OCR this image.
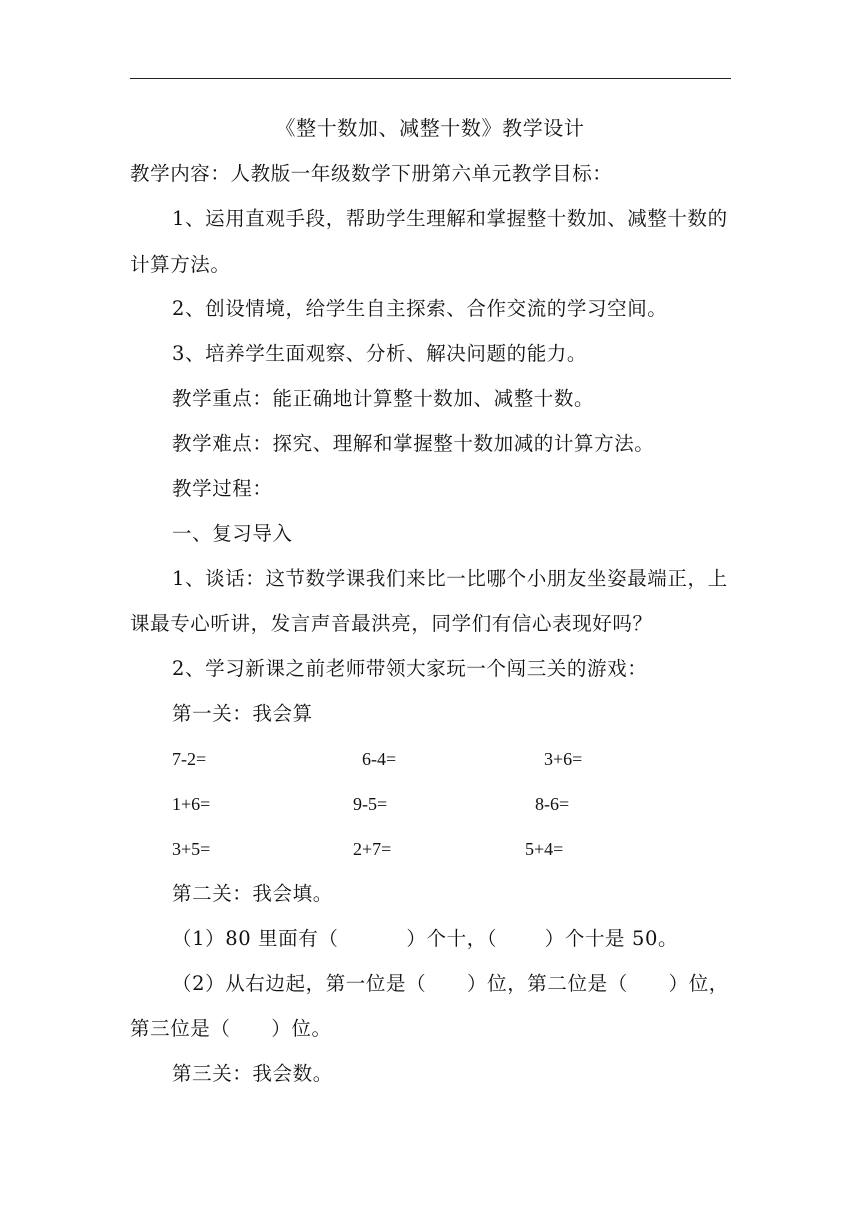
《整十数加、减整十数》教学设计
教学内容：人教版一年级数学下册第六单元教学目标：
1、运用直观手段，帮助学生理解和掌握整十数加、减整十数的
计算方法。
2、创设情境，给学生自主探索、合作交流的学习空间。
3、培养学生面观察、分析、解决问题的能力。
教学重点：能正确地计算整十数加、减整十数。
教学难点：探究、理解和掌握整十数加减的计算方法。
教学过程：
一、复习导入
1、谈话：这节数学课我们来比一比哪个小朋友坐姿最端正，上
课最专心听讲，发言声音最洪亮，同学们有信心表现好吗？
2、学习新课之前老师带领大家玩一个闯三关的游戏：
第一关：我会算
7-2=	6-4=	3+6=
1+6=	9-5=	8-6=
3+5=	2+7=	5+4=
第二关：我会填。
（1）80 里面有（          ）个十，（       ）个十是 50。
（2）从右边起，第一位是（      ）位，第二位是（      ）位，
第三位是（      ）位。
第三关：我会数。
